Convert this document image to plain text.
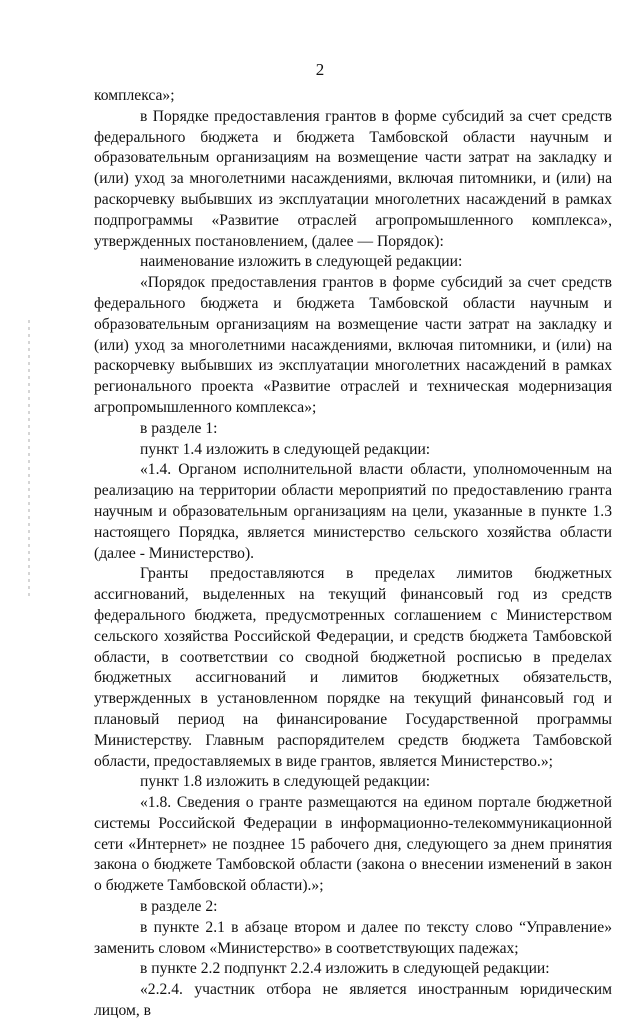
2

комплекса»;

в Порядке предоставления грантов в форме субсидий за счет средств федерального бюджета и бюджета Тамбовской области научным и образовательным организациям на возмещение части затрат на закладку и (или) уход за многолетними насаждениями, включая питомники, и (или) на раскорчевку выбывших из эксплуатации многолетних насаждений в рамках подпрограммы «Развитие отраслей агропромышленного комплекса», утвержденных постановлением, (далее — Порядок):

наименование изложить в следующей редакции:

«Порядок предоставления грантов в форме субсидий за счет средств федерального бюджета и бюджета Тамбовской области научным и образовательным организациям на возмещение части затрат на закладку и (или) уход за многолетними насаждениями, включая питомники, и (или) на раскорчевку выбывших из эксплуатации многолетних насаждений в рамках регионального проекта «Развитие отраслей и техническая модернизация агропромышленного комплекса»;

в разделе 1:

пункт 1.4 изложить в следующей редакции:

«1.4. Органом исполнительной власти области, уполномоченным на реализацию на территории области мероприятий по предоставлению гранта научным и образовательным организациям на цели, указанные в пункте 1.3 настоящего Порядка, является министерство сельского хозяйства области (далее - Министерство).

Гранты предоставляются в пределах лимитов бюджетных ассигнований, выделенных на текущий финансовый год из средств федерального бюджета, предусмотренных соглашением с Министерством сельского хозяйства Российской Федерации, и средств бюджета Тамбовской области, в соответствии со сводной бюджетной росписью в пределах бюджетных ассигнований и лимитов бюджетных обязательств, утвержденных в установленном порядке на текущий финансовый год и плановый период на финансирование Государственной программы Министерству. Главным распорядителем средств бюджета Тамбовской области, предоставляемых в виде грантов, является Министерство.»;

пункт 1.8 изложить в следующей редакции:

«1.8. Сведения о гранте размещаются на едином портале бюджетной системы Российской Федерации в информационно-телекоммуникационной сети «Интернет» не позднее 15 рабочего дня, следующего за днем принятия закона о бюджете Тамбовской области (закона о внесении изменений в закон о бюджете Тамбовской области).»;

в разделе 2:

в пункте 2.1 в абзаце втором и далее по тексту слово “Управление» заменить словом «Министерство» в соответствующих падежах;

в пункте 2.2 подпункт 2.2.4 изложить в следующей редакции:

«2.2.4. участник отбора не является иностранным юридическим лицом, в
